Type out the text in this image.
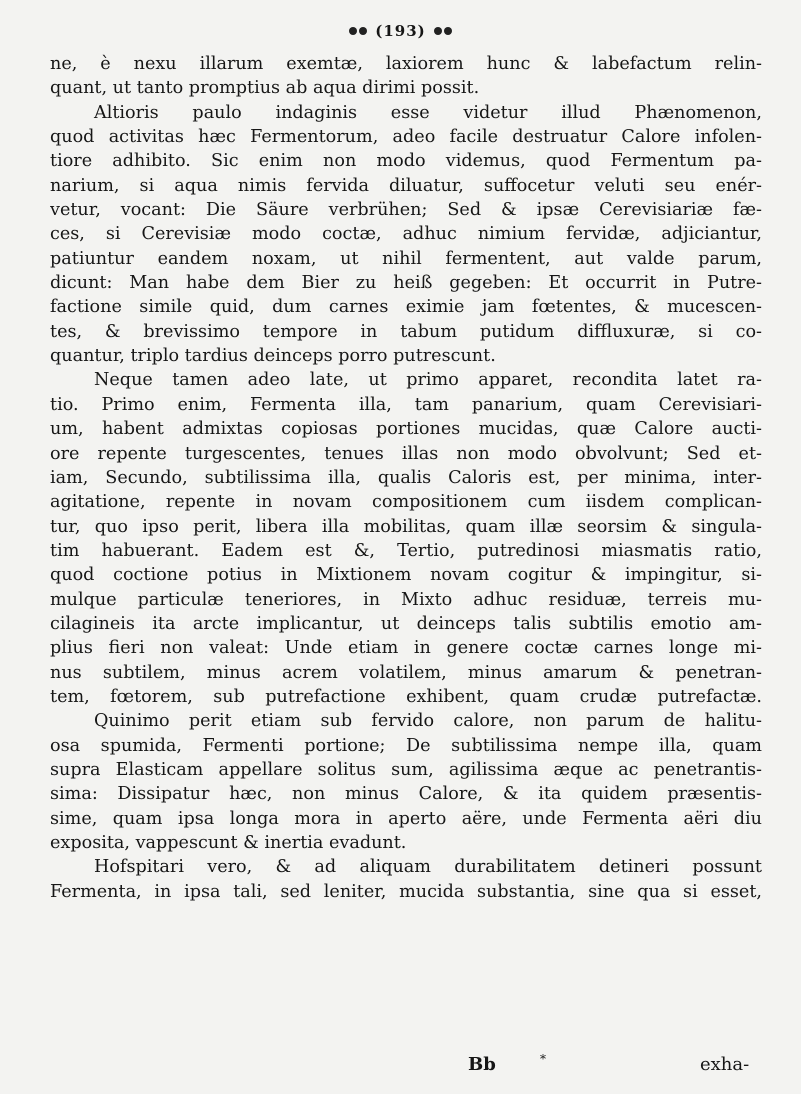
(193)
ne, è nexu illarum exemtæ, laxiorem hunc & labefactum relin-
quant, ut tanto promptius ab aqua dirimi possit.
Altioris paulo indaginis esse videtur illud Phænomenon,
quod activitas hæc Fermentorum, adeo facile destruatur Calore infolen-
tiore adhibito. Sic enim non modo videmus, quod Fermentum pa-
narium, si aqua nimis fervida diluatur, suffocetur veluti seu enér-
vetur, vocant: Die Säure verbrühen; Sed & ipsæ Cerevisiariæ fæ-
ces, si Cerevisiæ modo coctæ, adhuc nimium fervidæ, adjiciantur,
patiuntur eandem noxam, ut nihil fermentent, aut valde parum,
dicunt: Man habe dem Bier zu heiß gegeben: Et occurrit in Putre-
factione simile quid, dum carnes eximie jam fœtentes, & mucescen-
tes, & brevissimo tempore in tabum putidum diffluxuræ, si co-
quantur, triplo tardius deinceps porro putrescunt.
Neque tamen adeo late, ut primo apparet, recondita latet ra-
tio. Primo enim, Fermenta illa, tam panarium, quam Cerevisiari-
um, habent admixtas copiosas portiones mucidas, quæ Calore aucti-
ore repente turgescentes, tenues illas non modo obvolvunt; Sed et-
iam, Secundo, subtilissima illa, qualis Caloris est, per minima, inter-
agitatione, repente in novam compositionem cum iisdem complican-
tur, quo ipso perit, libera illa mobilitas, quam illæ seorsim & singula-
tim habuerant. Eadem est &, Tertio, putredinosi miasmatis ratio,
quod coctione potius in Mixtionem novam cogitur & impingitur, si-
mulque particulæ teneriores, in Mixto adhuc residuæ, terreis mu-
cilagineis ita arcte implicantur, ut deinceps talis subtilis emotio am-
plius fieri non valeat: Unde etiam in genere coctæ carnes longe mi-
nus subtilem, minus acrem volatilem, minus amarum & penetran-
tem, fœtorem, sub putrefactione exhibent, quam crudæ putrefactæ.
Quinimo perit etiam sub fervido calore, non parum de halitu-
osa spumida, Fermenti portione; De subtilissima nempe illa, quam
supra Elasticam appellare solitus sum, agilissima æque ac penetrantis-
sima: Dissipatur hæc, non minus Calore, & ita quidem præsentis-
sime, quam ipsa longa mora in aperto aëre, unde Fermenta aëri diu
exposita, vappescunt & inertia evadunt.
Hofspitari vero, & ad aliquam durabilitatem detineri possunt
Fermenta, in ipsa tali, sed leniter, mucida substantia, sine qua si esset,
Bb	*	exha-
